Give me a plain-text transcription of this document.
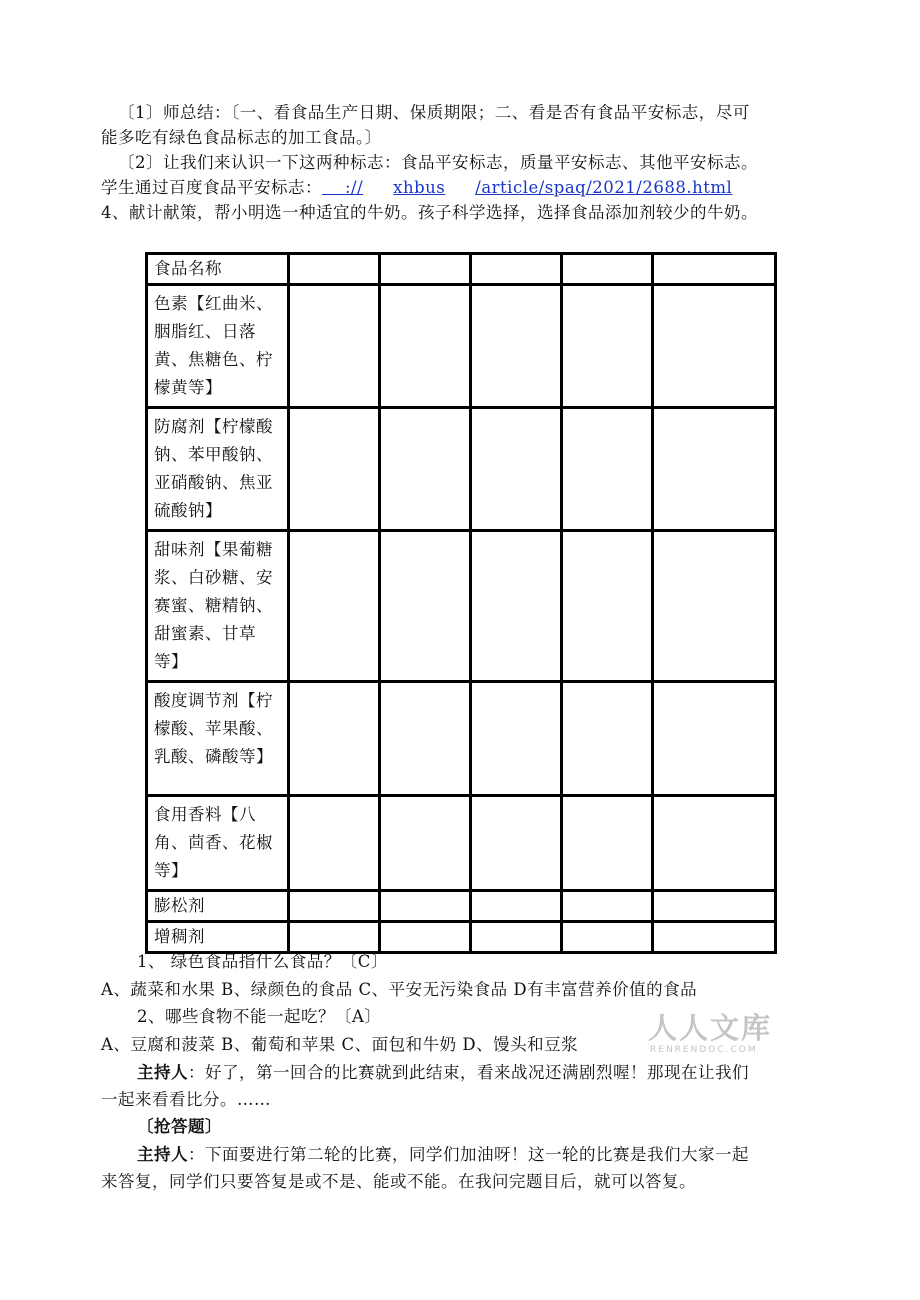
〔1〕师总结：〔一、看食品生产日期、保质期限；二、看是否有食品平安标志，尽可
能多吃有绿色食品标志的加工食品。〕
〔2〕让我们来认识一下这两种标志：食品平安标志，质量平安标志、其他平安标志。
学生通过百度食品平安标志：    :// xhbus /article/spaq/2021/2688.html
4、献计献策，帮小明选一种适宜的牛奶。孩子科学选择，选择食品添加剂较少的牛奶。
食品名称					
色素【红曲米、胭脂红、日落黄、焦糖色、柠檬黄等】					
防腐剂【柠檬酸钠、苯甲酸钠、亚硝酸钠、焦亚硫酸钠】					
甜味剂【果葡糖浆、白砂糖、安赛蜜、糖精钠、甜蜜素、甘草等】					
酸度调节剂【柠檬酸、苹果酸、乳酸、磷酸等】					
食用香料【八角、茴香、花椒等】					
膨松剂					
增稠剂					
1、 绿色食品指什么食品？〔C〕
A、蔬菜和水果 B、绿颜色的食品 C、平安无污染食品 D有丰富营养价值的食品
2、哪些食物不能一起吃？〔A〕
A、豆腐和菠菜 B、葡萄和苹果 C、面包和牛奶 D、馒头和豆浆
主持人：好了，第一回合的比赛就到此结束，看来战况还满剧烈喔！那现在让我们
一起来看看比分。……
〔抢答题〕
主持人：下面要进行第二轮的比赛，同学们加油呀！这一轮的比赛是我们大家一起
来答复，同学们只要答复是或不是、能或不能。在我问完题目后，就可以答复。
人人文库
RENRENDOC.COM
